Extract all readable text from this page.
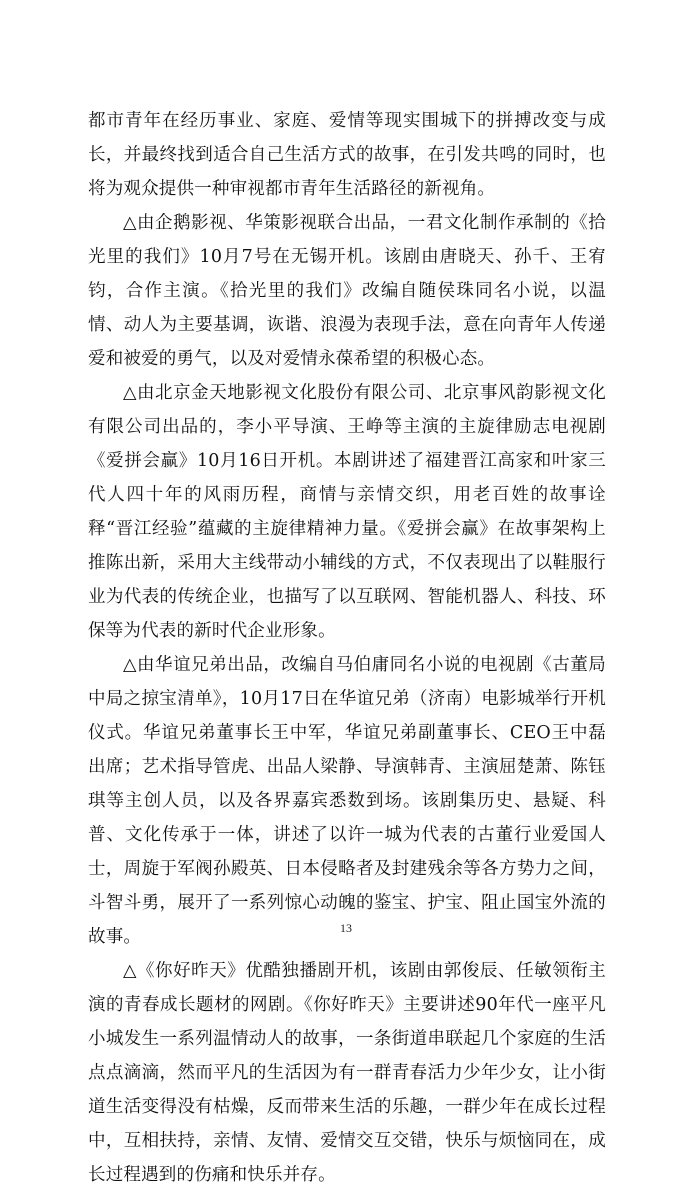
都市青年在经历事业、家庭、爱情等现实围城下的拼搏改变与成长，并最终找到适合自己生活方式的故事，在引发共鸣的同时，也将为观众提供一种审视都市青年生活路径的新视角。

△由企鹅影视、华策影视联合出品，一君文化制作承制的《拾光里的我们》10月7号在无锡开机。该剧由唐晓天、孙千、王宥钧，合作主演。《拾光里的我们》改编自随侯珠同名小说，以温情、动人为主要基调，诙谐、浪漫为表现手法，意在向青年人传递爱和被爱的勇气，以及对爱情永葆希望的积极心态。

△由北京金天地影视文化股份有限公司、北京事风韵影视文化有限公司出品的，李小平导演、王峥等主演的主旋律励志电视剧《爱拼会赢》10月16日开机。本剧讲述了福建晋江高家和叶家三代人四十年的风雨历程，商情与亲情交织，用老百姓的故事诠释“晋江经验”蕴藏的主旋律精神力量。《爱拼会赢》在故事架构上推陈出新，采用大主线带动小辅线的方式，不仅表现出了以鞋服行业为代表的传统企业，也描写了以互联网、智能机器人、科技、环保等为代表的新时代企业形象。

△由华谊兄弟出品，改编自马伯庸同名小说的电视剧《古董局中局之掠宝清单》，10月17日在华谊兄弟（济南）电影城举行开机仪式。华谊兄弟董事长王中军，华谊兄弟副董事长、CEO王中磊出席；艺术指导管虎、出品人梁静、导演韩青、主演屈楚萧、陈钰琪等主创人员，以及各界嘉宾悉数到场。该剧集历史、悬疑、科普、文化传承于一体，讲述了以许一城为代表的古董行业爱国人士，周旋于军阀孙殿英、日本侵略者及封建残余等各方势力之间，斗智斗勇，展开了一系列惊心动魄的鉴宝、护宝、阻止国宝外流的故事。

△《你好昨天》优酷独播剧开机，该剧由郭俊辰、任敏领衔主演的青春成长题材的网剧。《你好昨天》主要讲述90年代一座平凡小城发生一系列温情动人的故事，一条街道串联起几个家庭的生活点点滴滴，然而平凡的生活因为有一群青春活力少年少女，让小街道生活变得没有枯燥，反而带来生活的乐趣，一群少年在成长过程中，互相扶持，亲情、友情、爱情交互交错，快乐与烦恼同在，成长过程遇到的伤痛和快乐并存。

13
